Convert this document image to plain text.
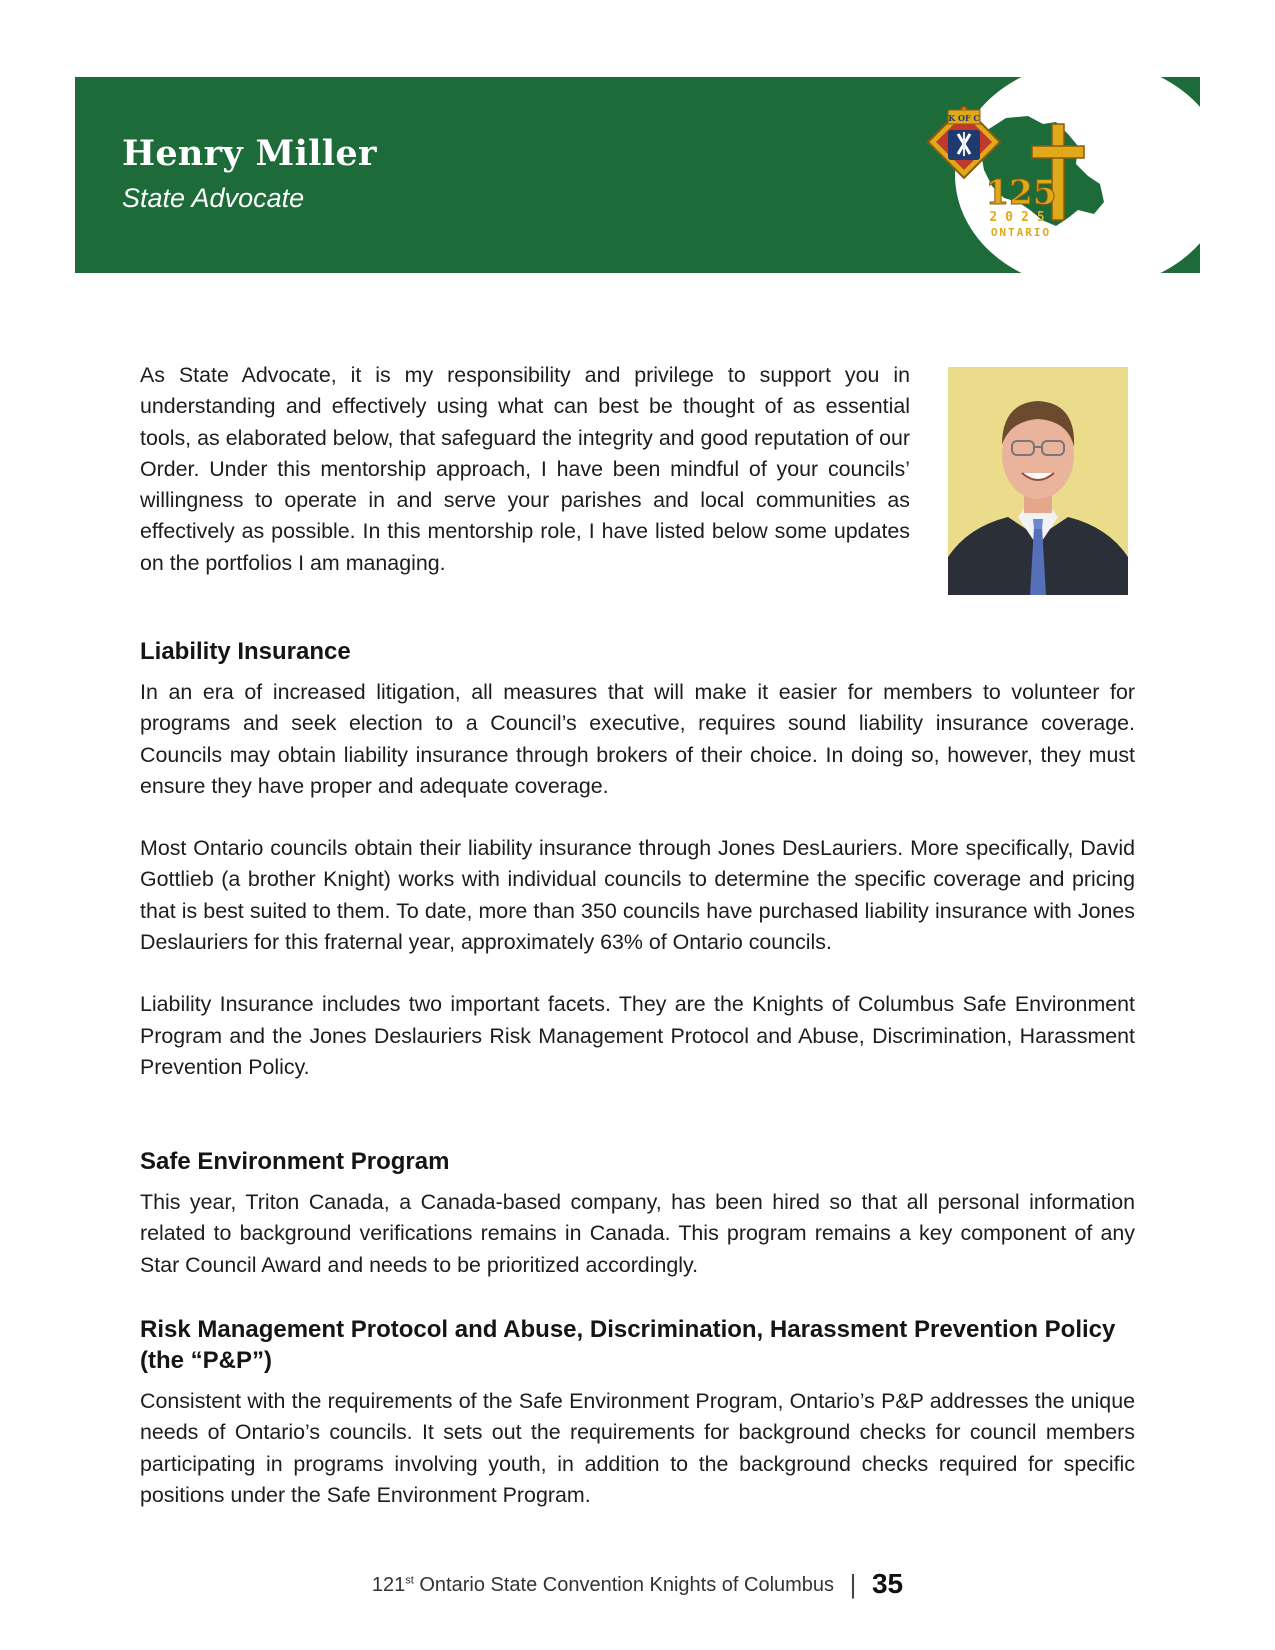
Henry Miller
State Advocate
K OF C
125
2025
ONTARIO

As State Advocate, it is my responsibility and privilege to support you in understanding and effectively using what can best be thought of as essential tools, as elaborated below, that safeguard the integrity and good reputation of our Order. Under this mentorship approach, I have been mindful of your councils’ willingness to operate in and serve your parishes and local communities as effectively as possible. In this mentorship role, I have listed below some updates on the portfolios I am managing.

Liability Insurance

In an era of increased litigation, all measures that will make it easier for members to volunteer for programs and seek election to a Council’s executive, requires sound liability insurance coverage. Councils may obtain liability insurance through brokers of their choice. In doing so, however, they must ensure they have proper and adequate coverage.

Most Ontario councils obtain their liability insurance through Jones DesLauriers. More specifically, David Gottlieb (a brother Knight) works with individual councils to determine the specific coverage and pricing that is best suited to them. To date, more than 350 councils have purchased liability insurance with Jones Deslauriers for this fraternal year, approximately 63% of Ontario councils.

Liability Insurance includes two important facets. They are the Knights of Columbus Safe Environment Program and the Jones Deslauriers Risk Management Protocol and Abuse, Discrimination, Harassment Prevention Policy.

Safe Environment Program

This year, Triton Canada, a Canada-based company, has been hired so that all personal information related to background verifications remains in Canada. This program remains a key component of any Star Council Award and needs to be prioritized accordingly.

Risk Management Protocol and Abuse, Discrimination, Harassment Prevention Policy (the “P&P”)

Consistent with the requirements of the Safe Environment Program, Ontario’s P&P addresses the unique needs of Ontario’s councils. It sets out the requirements for background checks for council members participating in programs involving youth, in addition to the background checks required for specific positions under the Safe Environment Program.

121st Ontario State Convention Knights of Columbus | 35
